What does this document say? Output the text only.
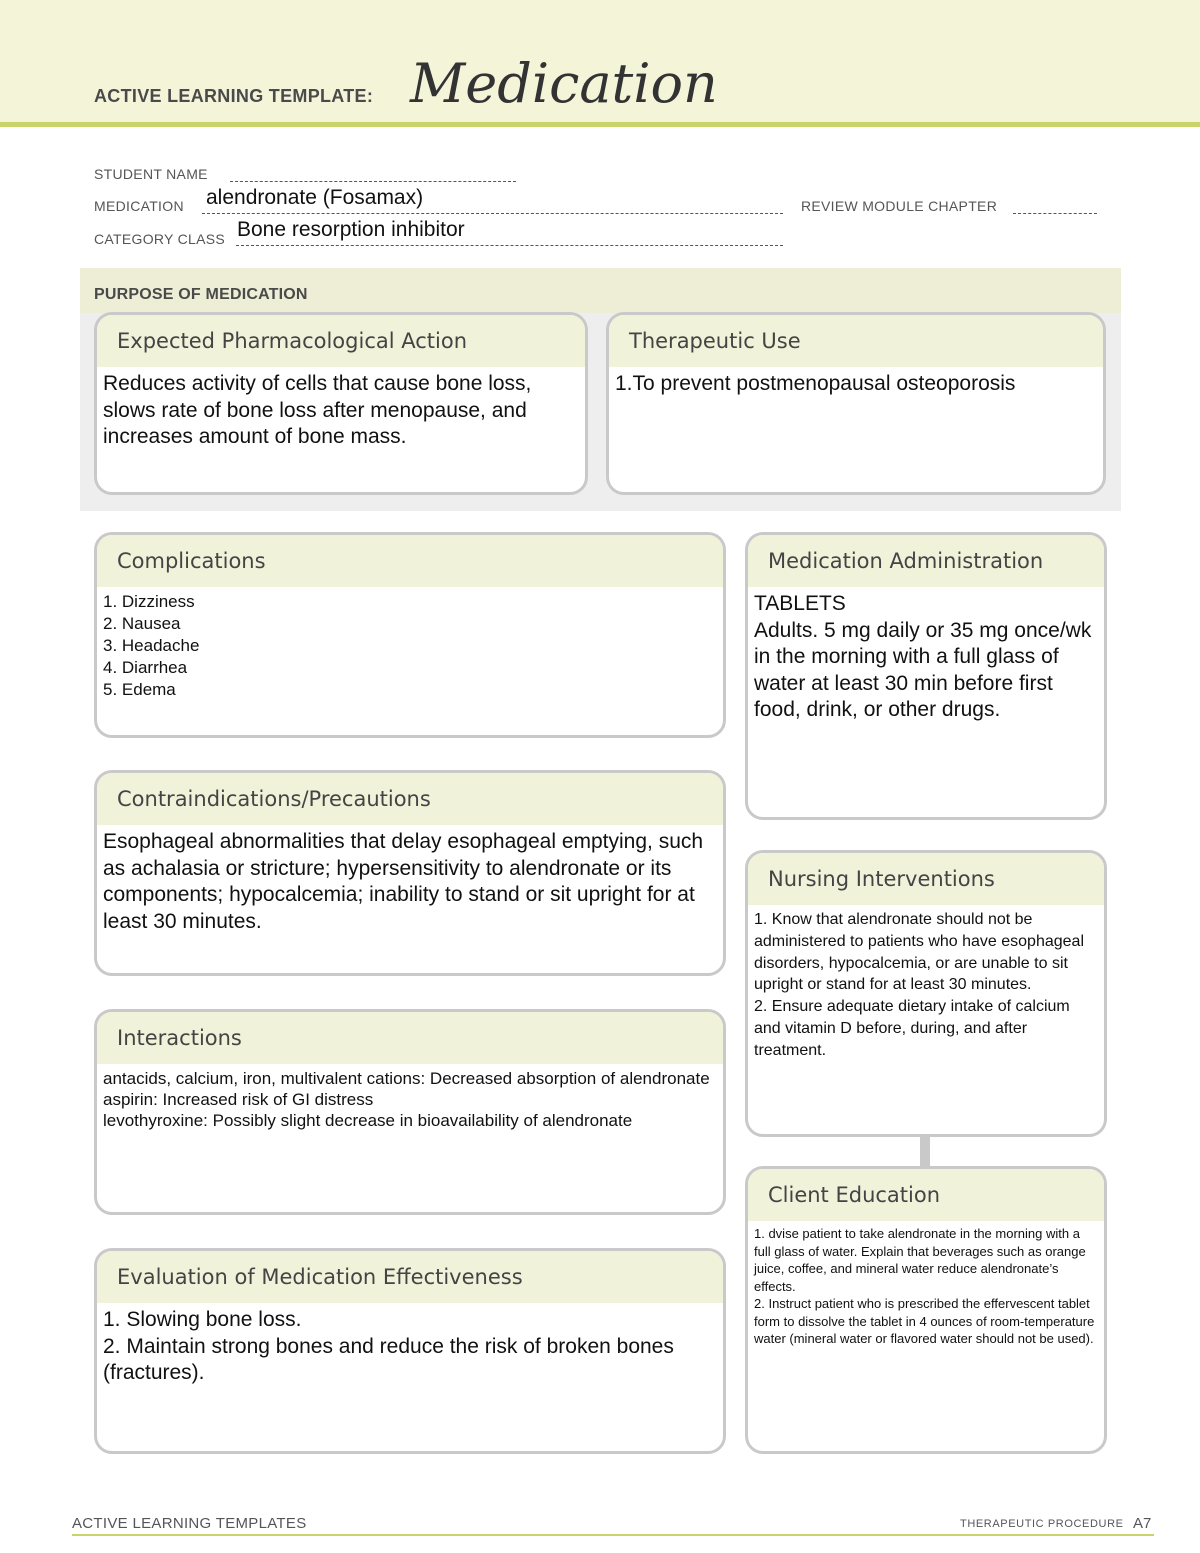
ACTIVE LEARNING TEMPLATE: Medication
STUDENT NAME
MEDICATION alendronate (Fosamax)	REVIEW MODULE CHAPTER
CATEGORY CLASS Bone resorption inhibitor
PURPOSE OF MEDICATION
Expected Pharmacological Action
Reduces activity of cells that cause bone loss, slows rate of bone loss after menopause, and increases amount of bone mass.
Therapeutic Use
1.To prevent postmenopausal osteoporosis
Complications
1. Dizziness
2. Nausea
3. Headache
4. Diarrhea
5. Edema
Contraindications/Precautions
Esophageal abnormalities that delay esophageal emptying, such as achalasia or stricture; hypersensitivity to alendronate or its components; hypocalcemia; inability to stand or sit upright for at least 30 minutes.
Interactions
antacids, calcium, iron, multivalent cations: Decreased absorption of alendronate
aspirin: Increased risk of GI distress
levothyroxine: Possibly slight decrease in bioavailability of alendronate
Evaluation of Medication Effectiveness
1. Slowing bone loss.
2. Maintain strong bones and reduce the risk of broken bones (fractures).
Medication Administration
TABLETS
Adults. 5 mg daily or 35 mg once/wk in the morning with a full glass of water at least 30 min before first food, drink, or other drugs.
Nursing Interventions
1. Know that alendronate should not be administered to patients who have esophageal disorders, hypocalcemia, or are unable to sit upright or stand for at least 30 minutes.
2. Ensure adequate dietary intake of calcium and vitamin D before, during, and after treatment.
Client Education
1. dvise patient to take alendronate in the morning with a full glass of water. Explain that beverages such as orange juice, coffee, and mineral water reduce alendronate’s effects.
2. Instruct patient who is prescribed the effervescent tablet form to dissolve the tablet in 4 ounces of room-temperature water (mineral water or flavored water should not be used).
ACTIVE LEARNING TEMPLATES	THERAPEUTIC PROCEDURE A7
